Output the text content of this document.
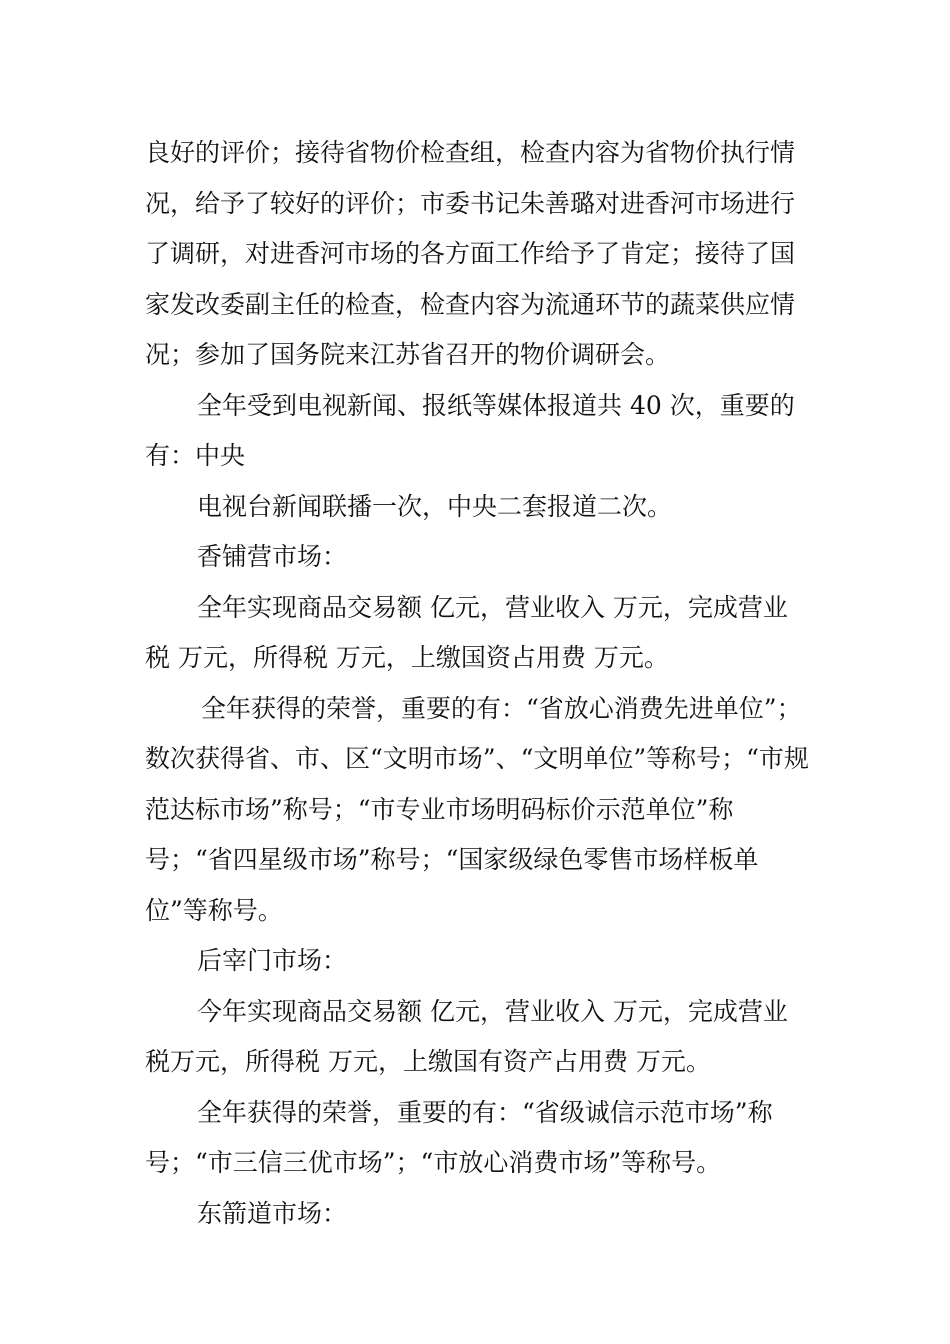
良好的评价；接待省物价检查组，检查内容为省物价执行情况，给予了较好的评价；市委书记朱善璐对进香河市场进行了调研，对进香河市场的各方面工作给予了肯定；接待了国家发改委副主任的检查，检查内容为流通环节的蔬菜供应情况；参加了国务院来江苏省召开的物价调研会。

全年受到电视新闻、报纸等媒体报道共 40 次，重要的有：中央

电视台新闻联播一次，中央二套报道二次。

香铺营市场：

全年实现商品交易额 亿元，营业收入 万元，完成营业税 万元，所得税 万元，上缴国资占用费 万元。

全年获得的荣誉，重要的有：“省放心消费先进单位”；数次获得省、市、区“文明市场”、“文明单位”等称号；“市规范达标市场”称号；“市专业市场明码标价示范单位”称号；“省四星级市场”称号；“国家级绿色零售市场样板单位”等称号。

后宰门市场：

今年实现商品交易额 亿元，营业收入 万元，完成营业税万元，所得税 万元，上缴国有资产占用费 万元。

全年获得的荣誉，重要的有：“省级诚信示范市场”称号；“市三信三优市场”；“市放心消费市场”等称号。

东箭道市场：
